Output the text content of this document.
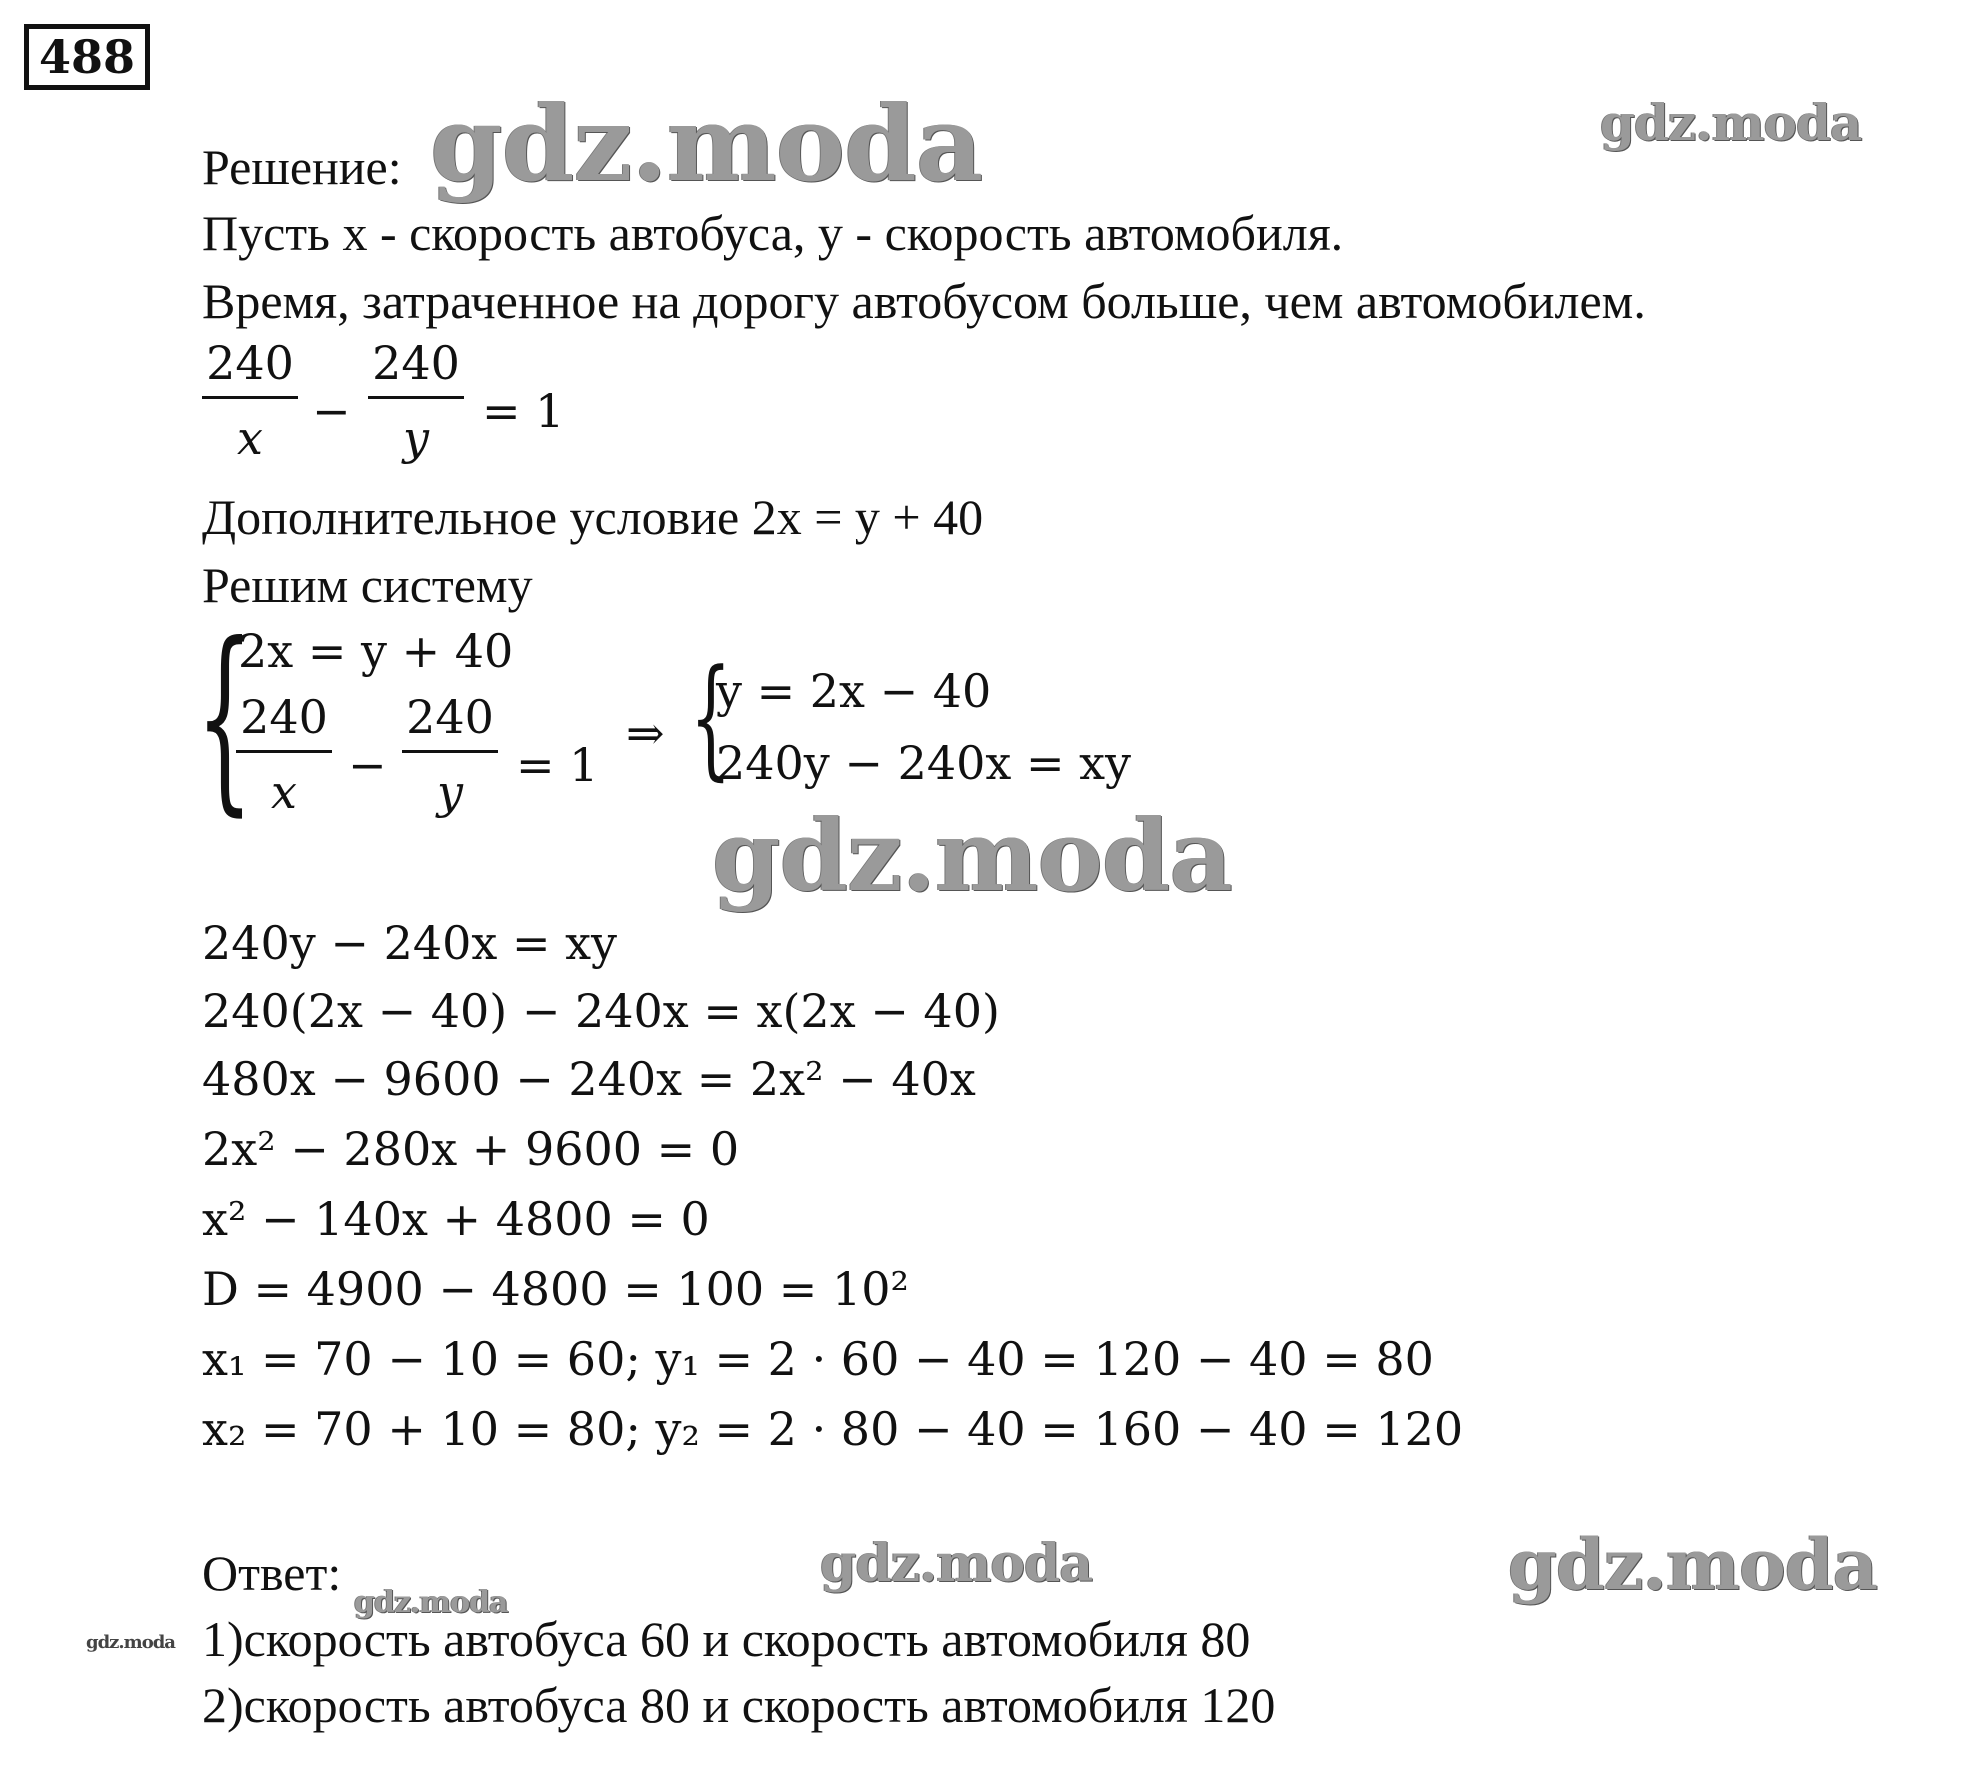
488
gdz.moda	gdz.moda
gdz.moda
gdz.moda	gdz.moda
gdz.moda
gdz.moda
Решение:
Пусть x - скорость автобуса, y - скорость автомобиля.
Время, затраченное на дорогу автобусом больше, чем автомобилем.
240
x	−
240
y	= 1
Дополнительное условие 2x = y + 40
Решим систему
{
2x = y + 40
240
x	−
240
y	= 1
⇒ {
y = 2x − 40
240y − 240x = xy
240y − 240x = xy
240(2x − 40) − 240x = x(2x − 40)
480x − 9600 − 240x = 2x² − 40x
2x² − 280x + 9600 = 0
x² − 140x + 4800 = 0
D = 4900 − 4800 = 100 = 10²
x₁ = 70 − 10 = 60; y₁ = 2 · 60 − 40 = 120 − 40 = 80
x₂ = 70 + 10 = 80; y₂ = 2 · 80 − 40 = 160 − 40 = 120
Ответ:
1)скорость автобуса 60 и скорость автомобиля 80
2)скорость автобуса 80 и скорость автомобиля 120
